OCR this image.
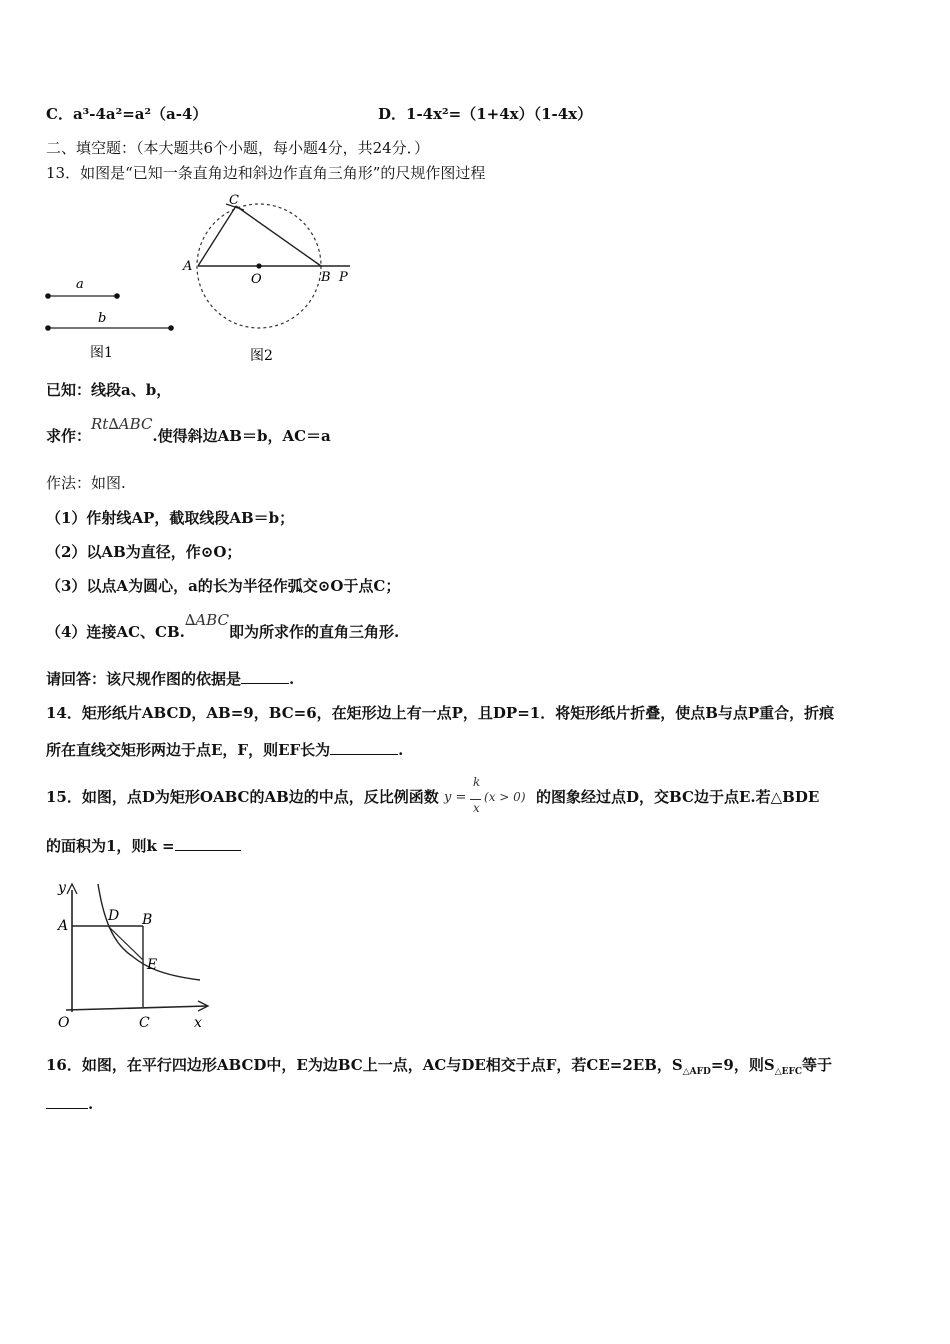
C．a³-4a²=a²（a-4）	D．1-4x²=（1+4x）（1-4x）
二、填空题：（本大题共6个小题，每小题4分，共24分．）
13．如图是“已知一条直角边和斜边作直角三角形”的尺规作图过程
a
b
图1
C
A
O	B P
图2
已知：线段a、b，
求作：Rt∆ABC.使得斜边AB＝b，AC＝a
作法：如图.
（1）作射线AP，截取线段AB＝b；
（2）以AB为直径，作⊙O；
（3）以点A为圆心，a的长为半径作弧交⊙O于点C；
（4）连接AC、CB.∆ABC即为所求作的直角三角形.
请回答：该尺规作图的依据是	.
14．矩形纸片ABCD，AB=9，BC=6，在矩形边上有一点P，且DP=1．将矩形纸片折叠，使点B与点P重合，折痕
所在直线交矩形两边于点E，F，则EF长为	.
15．如图，点D为矩形OABC的AB边的中点，反比例函数 y =
k
x
(x > 0) 的图象经过点D，交BC边于点E.若△BDE
的面积为1，则k =
y
A
D B
E
O	C	x
16．如图，在平行四边形ABCD中，E为边BC上一点，AC与DE相交于点F，若CE=2EB，$S_{\triangle AFD}=9$，则$S_{\triangle EFC}$等于
.
